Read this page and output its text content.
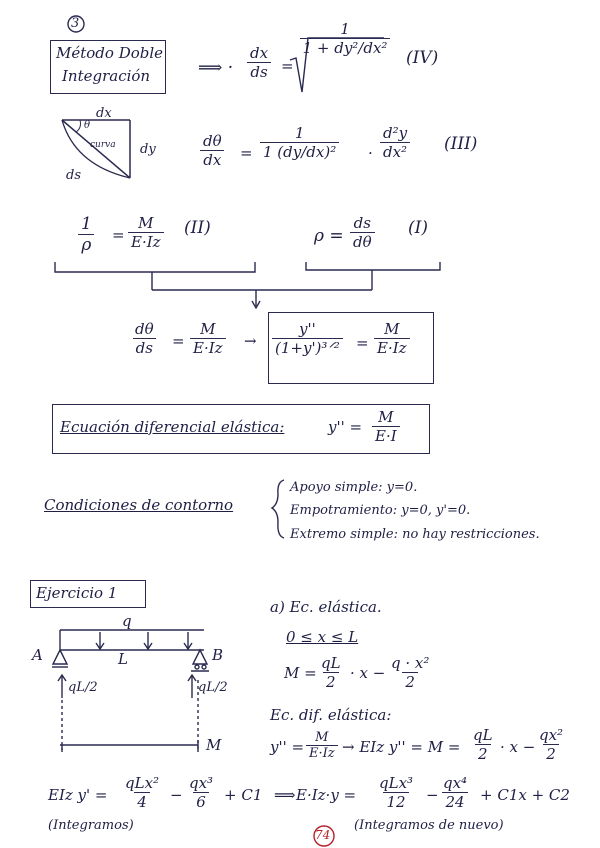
3
Método Doble
Integración	⟹ · $\frac{dx}{ds}$ =
$\frac{1}{\text{1 + dy²/dx²}}$
(IV)
dx
dy
ds
θ
curva	$\frac{d\theta}{dx} = \frac{1}{\text{1 (dy/dx)²}} \cdot \frac{\text{d²y}}{\text{dx²}} (III)$
$\frac{1}{\rho} = \frac{M}{E\cdot Iz} (II)$	$\rho = \frac{ds}{d\theta} (I)$
$\frac{d\theta}{ds} = \frac{M}{E\cdot Iz}$ →
y''
(1+y')³ᐟ² = $\frac{M}{E\cdot Iz}$
Ecuación diferencial elástica:	$y'' = \frac{M}{E\cdot I}$
Condiciones de contorno
Apoyo simple: y=0.
Empotramiento: y=0, y'=0.
Extremo simple: no hay restricciones.
Ejercicio 1
q
L
A	B
qL/2	qL/2
M
a) Ec. elástica.
0 ≤ x ≤ L
$M = \frac{qL}{2} \cdot x - \frac{\text{q · x²}}{2}$
Ec. dif. elástica:
$y'' = \frac{M}{E\cdot Iz}$ → EIz $y'' = M = \frac{qL}{2} \cdot x - \frac{\text{qx²}}{2}$
EIz y' =
qLx²
$4 - \frac{\text{qx³}}{6} + C1$ ⟹
(Integramos)
E·Iz·y =
qLx³
$12 - \frac{\text{qx⁴}}{24} + C1x + C2$
(Integramos de nuevo)
74
